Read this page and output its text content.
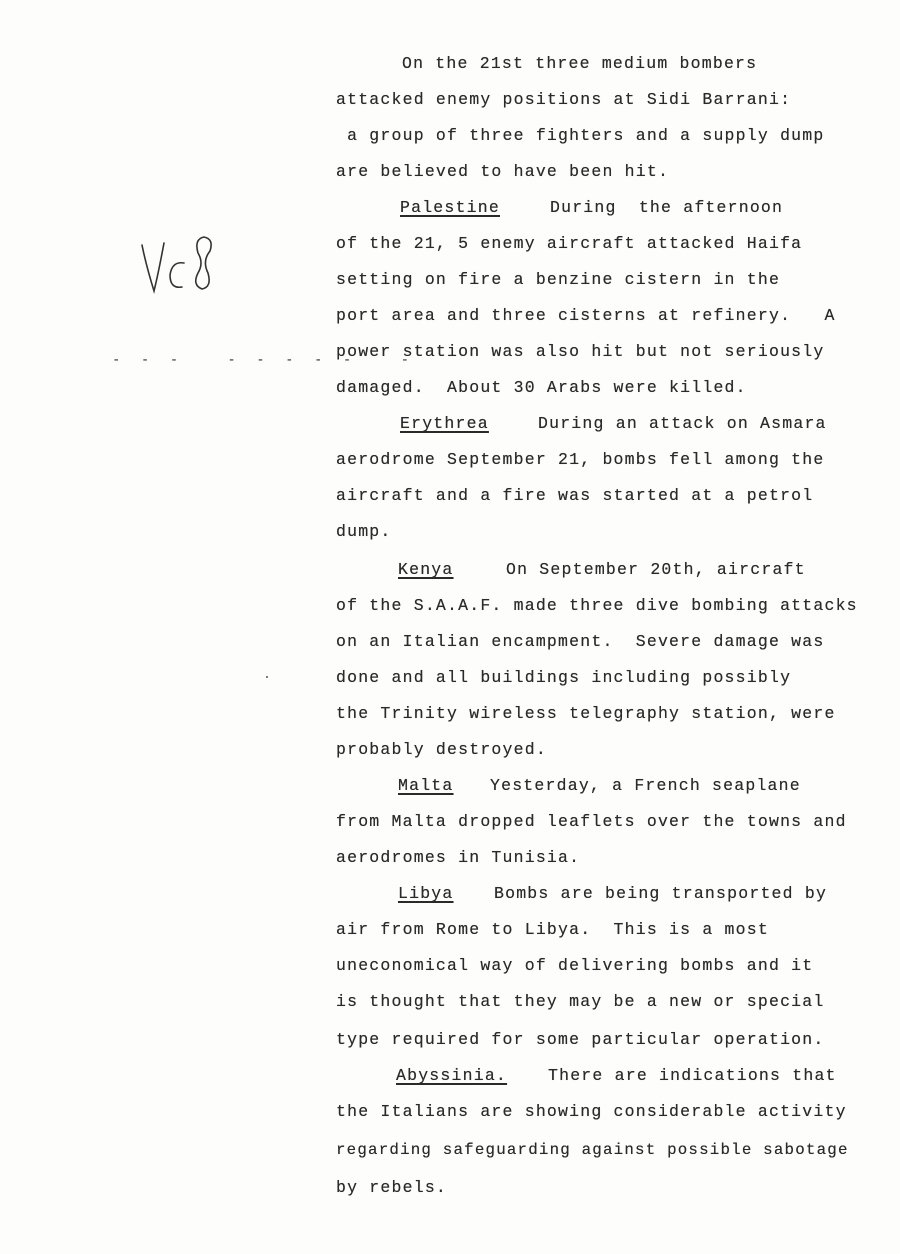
- - -   - - - - -   -
On the 21st three medium bombers
attacked enemy positions at Sidi Barrani:
a group of three fighters and a supply dump
are believed to have been hit.
Palestine	During  the afternoon
of the 21, 5 enemy aircraft attacked Haifa
setting on fire a benzine cistern in the
port area and three cisterns at refinery.   A
power station was also hit but not seriously
damaged.  About 30 Arabs were killed.
Erythrea	During an attack on Asmara
aerodrome September 21, bombs fell among the
aircraft and a fire was started at a petrol
dump.
Kenya	On September 20th, aircraft
of the S.A.A.F. made three dive bombing attacks
on an Italian encampment.  Severe damage was
done and all buildings including possibly
the Trinity wireless telegraphy station, were
probably destroyed.
Malta Yesterday, a French seaplane
from Malta dropped leaflets over the towns and
aerodromes in Tunisia.
Libya Bombs are being transported by
air from Rome to Libya.  This is a most
uneconomical way of delivering bombs and it
is thought that they may be a new or special
type required for some particular operation.
Abyssinia. There are indications that
the Italians are showing considerable activity
regarding safeguarding against possible sabotage
by rebels.
